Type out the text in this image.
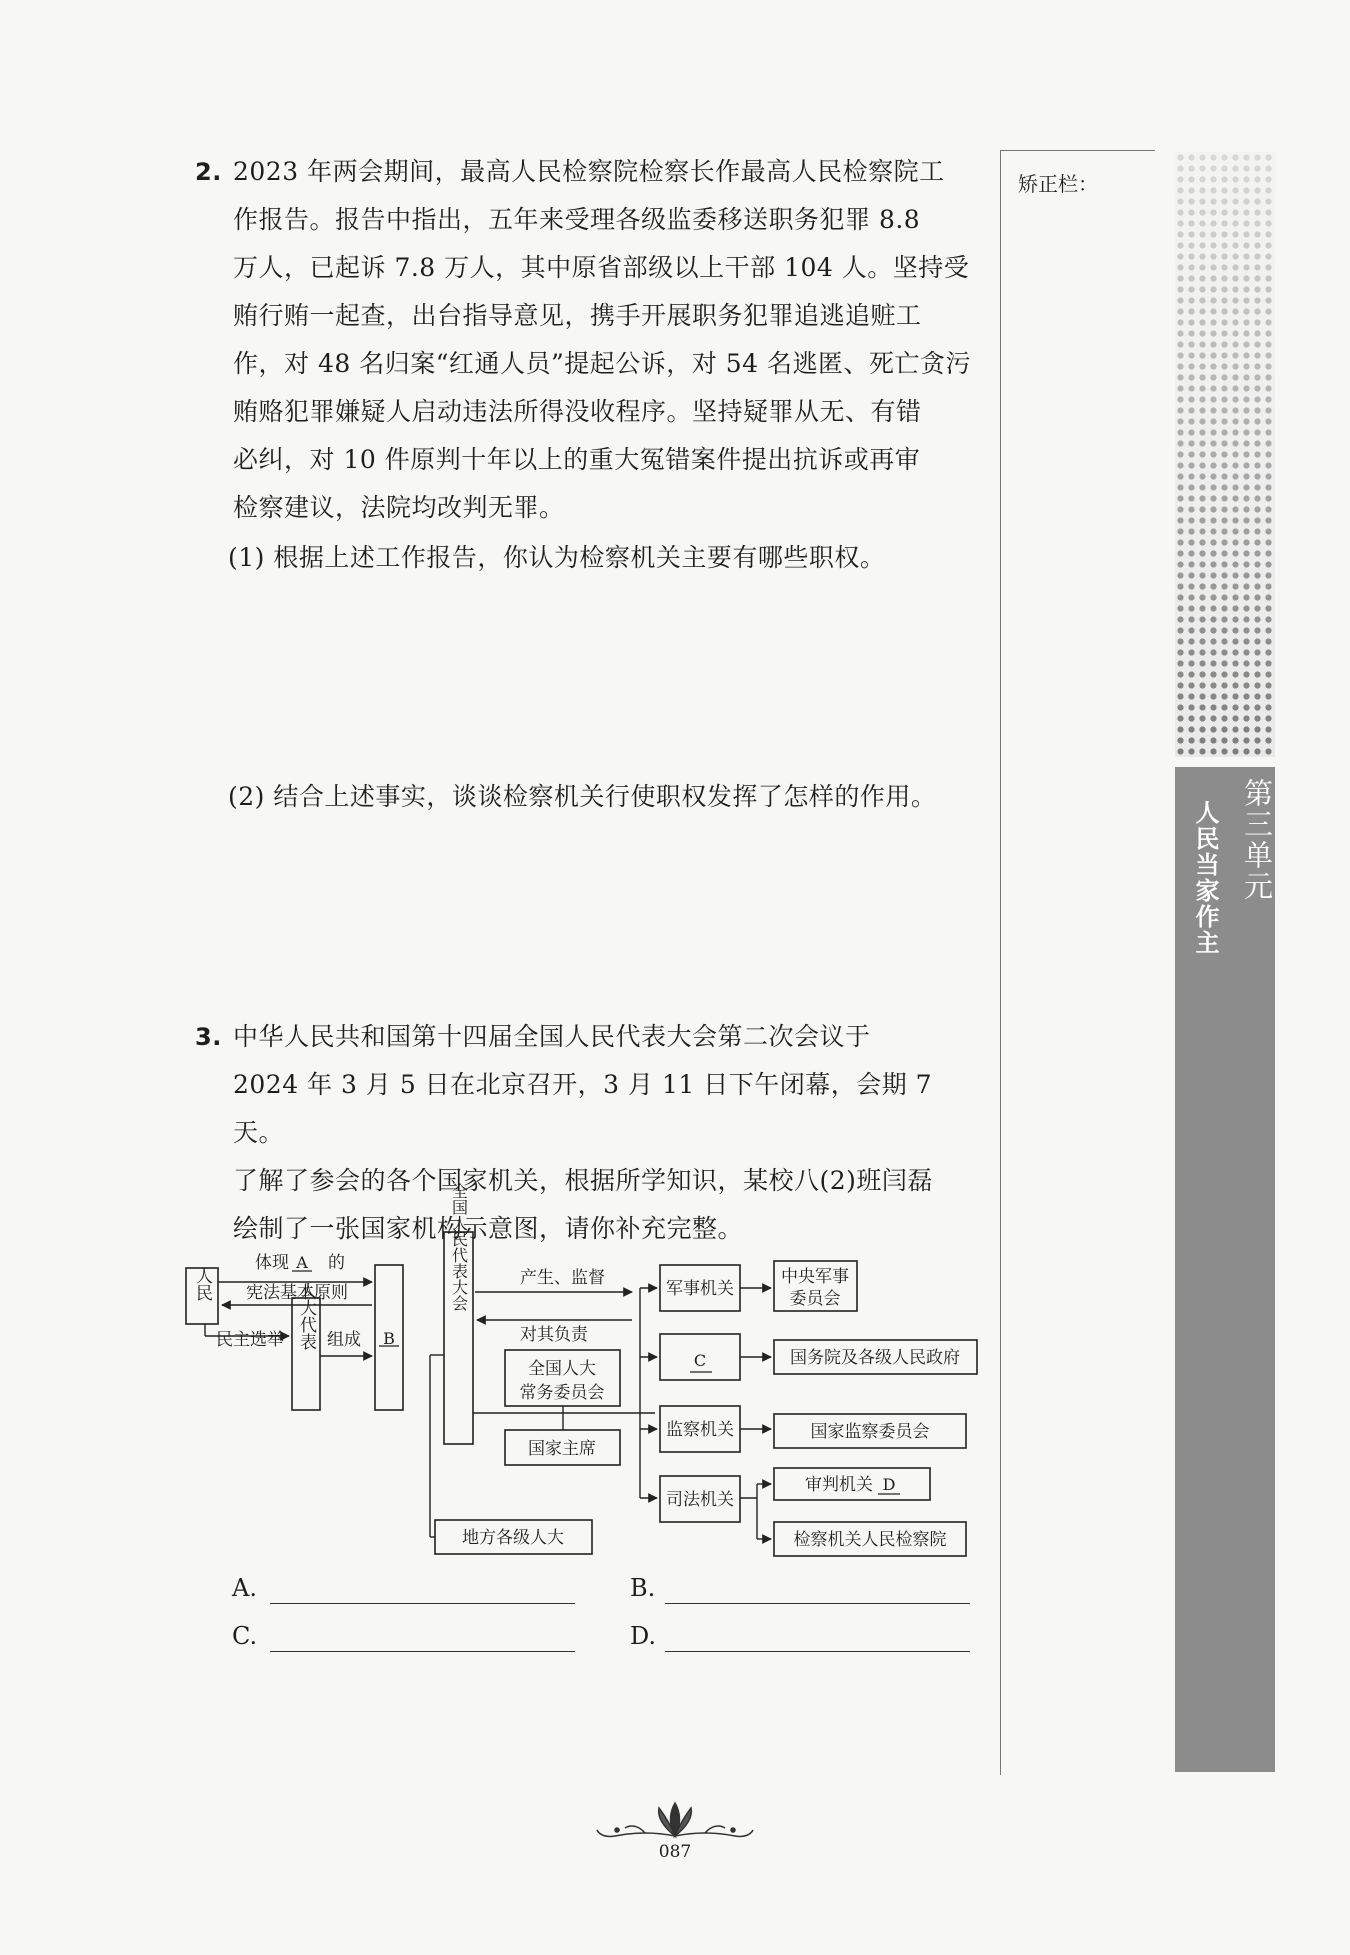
2. 2023 年两会期间，最高人民检察院检察长作最高人民检察院工

作报告。报告中指出，五年来受理各级监委移送职务犯罪 8.8

万人，已起诉 7.8 万人，其中原省部级以上干部 104 人。坚持受

贿行贿一起查，出台指导意见，携手开展职务犯罪追逃追赃工

作，对 48 名归案“红通人员”提起公诉，对 54 名逃匿、死亡贪污

贿赂犯罪嫌疑人启动违法所得没收程序。坚持疑罪从无、有错

必纠，对 10 件原判十年以上的重大冤错案件提出抗诉或再审

检察建议，法院均改判无罪。

(1) 根据上述工作报告，你认为检察机关主要有哪些职权。
(2) 结合上述事实，谈谈检察机关行使职权发挥了怎样的作用。
3. 中华人民共和国第十四届全国人民代表大会第二次会议于

2024 年 3 月 5 日在北京召开，3 月 11 日下午闭幕，会期 7 天。

了解了参会的各个国家机关，根据所学知识，某校八(2)班闫磊

绘制了一张国家机构示意图，请你补充完整。

人民
体现 A 的
宪法基本原则
民主选举 人大代表 组成 B
全国人民代表大会	产生、监督
对其负责
全国人大
常务委员会
国家主席
地方各级人大
军事机关
C
监察机关
司法机关
中央军事
委员会
国务院及各级人民政府
国家监察委员会
审判机关 D
检察机关人民检察院
A.	B.
C.	D.
矫正栏：
第三单元
人民当家作主
087
